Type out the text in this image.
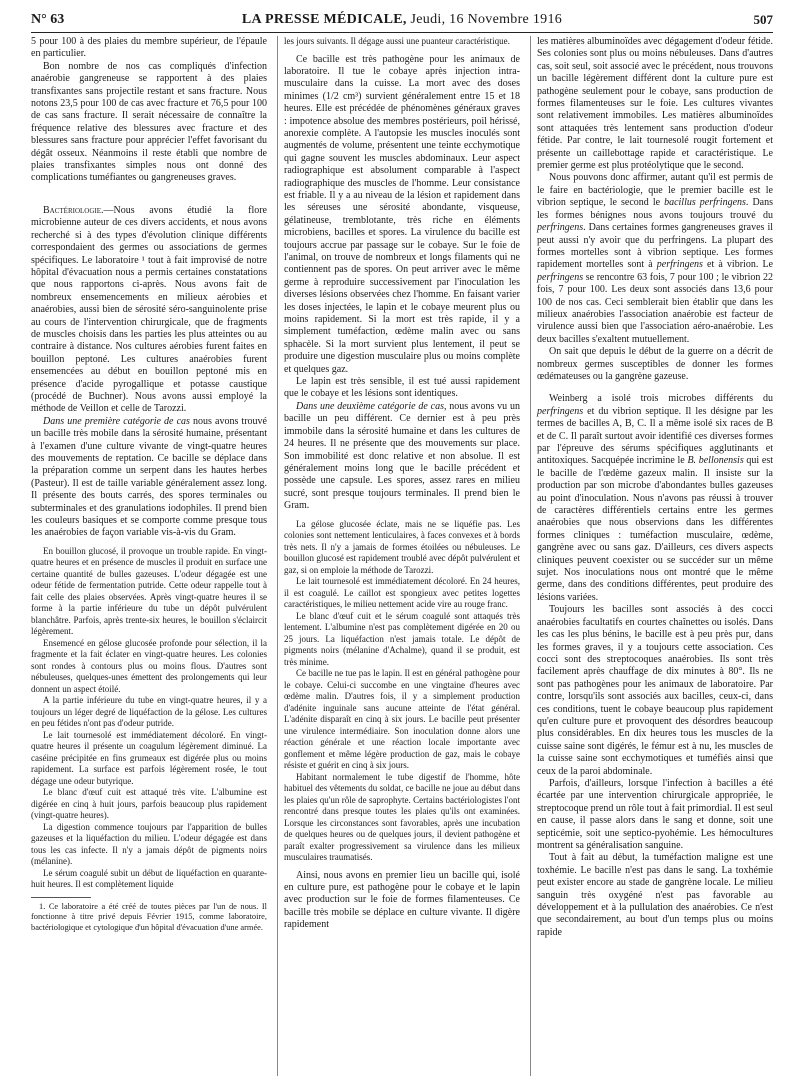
N° 63	LA PRESSE MÉDICALE, Jeudi, 16 Novembre 1916	507

5 pour 100 à des plaies du membre supérieur, de l'épaule en particulier.

Bon nombre de nos cas compliqués d'infection anaérobie gangreneuse se rapportent à des plaies transfixantes sans projectile restant et sans fracture. Nous notons 23,5 pour 100 de cas avec fracture et 76,5 pour 100 de cas sans fracture. Il serait nécessaire de connaître la fréquence relative des blessures avec fracture et des blessures sans fracture pour apprécier l'effet favorisant du dégât osseux. Néanmoins il reste établi que nombre de plaies transfixantes simples nous ont donné des complications tuméfiantes ou gangreneuses graves.

Bactériologie.—Nous avons étudié la flore microbienne auteur de ces divers accidents, et nous avons recherché si à des types d'évolution clinique différents correspondaient des germes ou associations de germes spécifiques. Le laboratoire ¹ tout à fait improvisé de notre hôpital d'évacuation nous a permis certaines constatations que nous rapportons ci-après. Nous avons fait de nombreux ensemencements en milieux aérobies et anaérobies, aussi bien de sérosité séro-sanguinolente prise au cours de l'intervention chirurgicale, que de fragments de muscles choisis dans les parties les plus atteintes ou au contraire à distance. Nos cultures aérobies furent faites en bouillon peptoné. Les cultures anaérobies furent ensemencées au début en bouillon peptoné mis en présence d'acide pyrogallique et potasse caustique (procédé de Buchner). Nous avons aussi employé la méthode de Veillon et celle de Tarozzi.

Dans une première catégorie de cas nous avons trouvé un bacille très mobile dans la sérosité humaine, présentant à l'examen d'une culture vivante de vingt-quatre heures des mouvements de reptation. Ce bacille se déplace dans la préparation comme un serpent dans les hautes herbes (Pasteur). Il est de taille variable généralement assez long. Il présente des bouts carrés, des spores terminales ou subterminales et des granulations iodophiles. Il prend bien les couleurs basiques et se comporte comme presque tous les anaérobies de façon variable vis-à-vis du Gram.

En bouillon glucosé, il provoque un trouble rapide. En vingt-quatre heures et en présence de muscles il produit en surface une certaine quantité de bulles gazeuses. L'odeur dégagée est une odeur fétide de fermentation putride. Cette odeur rappelle tout à fait celle des plaies observées. Après vingt-quatre heures il se forme à la partie inférieure du tube un dépôt pulvérulent blanchâtre. Parfois, après trente-six heures, le bouillon s'éclaircit légèrement.

Ensemencé en gélose glucosée profonde pour sélection, il la fragmente et la fait éclater en vingt-quatre heures. Les colonies sont rondes à contours plus ou moins flous. D'autres sont nébuleuses, quelques-unes émettent des prolongements qui leur donnent un aspect étoilé.

A la partie inférieure du tube en vingt-quatre heures, il y a toujours un léger degré de liquéfaction de la gélose. Les cultures en peu fétides n'ont pas d'odeur putride.

Le lait tournesolé est immédiatement décoloré. En vingt-quatre heures il présente un coagulum légèrement diminué. La caséine précipitée en fins grumeaux est digérée plus ou moins rapidement. La surface est parfois légèrement rosée, le tout dégage une odeur butyrique.

Le blanc d'œuf cuit est attaqué très vite. L'albumine est digérée en cinq à huit jours, parfois beaucoup plus rapidement (vingt-quatre heures).

La digestion commence toujours par l'apparition de bulles gazeuses et la liquéfaction du milieu. L'odeur dégagée est dans tous les cas infecte. Il n'y a jamais dépôt de pigments noirs (mélanine).

Le sérum coagulé subit un début de liquéfaction en quarante-huit heures. Il est complètement liquide

1. Ce laboratoire a été créé de toutes pièces par l'un de nous. Il fonctionne à titre privé depuis Février 1915, comme laboratoire, bactériologique et cytologique d'un hôpital d'évacuation d'une armée.

les jours suivants. Il dégage aussi une puanteur caractéristique.

Ce bacille est très pathogène pour les animaux de laboratoire. Il tue le cobaye après injection intra-musculaire dans la cuisse. La mort avec des doses minimes (1/2 cm³) survient généralement entre 15 et 18 heures. Elle est précédée de phénomènes généraux graves : impotence absolue des membres postérieurs, poil hérissé, anorexie complète. A l'autopsie les muscles inoculés sont augmentés de volume, présentent une teinte ecchymotique qui gagne souvent les muscles abdominaux. Leur aspect radiographique est absolument comparable à l'aspect radiographique des muscles de l'homme. Leur consistance est friable. Il y a au niveau de la lésion et rapidement dans les séreuses une sérosité abondante, visqueuse, gélatineuse, tremblotante, très riche en éléments microbiens, bacilles et spores. La virulence du bacille est toujours accrue par passage sur le cobaye. Sur le foie de l'animal, on trouve de nombreux et longs filaments qui ne contiennent pas de spores. On peut arriver avec le même germe à reproduire successivement par l'inoculation les diverses lésions observées chez l'homme. En faisant varier les doses injectées, le lapin et le cobaye meurent plus ou moins rapidement. Si la mort est très rapide, il y a simplement tuméfaction, œdème malin avec ou sans sphacèle. Si la mort survient plus lentement, il peut se produire une digestion musculaire plus ou moins complète et quelques gaz.

Le lapin est très sensible, il est tué aussi rapidement que le cobaye et les lésions sont identiques.

Dans une deuxième catégorie de cas, nous avons vu un bacille un peu différent. Ce dernier est à peu près immobile dans la sérosité humaine et dans les cultures de 24 heures. Il ne présente que des mouvements sur place. Son immobilité est donc relative et non absolue. Il est généralement moins long que le bacille précédent et possède une capsule. Les spores, assez rares en milieu sucré, sont presque toujours terminales. Il prend bien le Gram.

La gélose glucosée éclate, mais ne se liquéfie pas. Les colonies sont nettement lenticulaires, à faces convexes et à bords très nets. Il n'y a jamais de formes étoilées ou nébuleuses. Le bouillon glucosé est rapidement troublé avec dépôt pulvérulent et gaz, si on emploie la méthode de Tarozzi.

Le lait tournesolé est immédiatement décoloré. En 24 heures, il est coagulé. Le caillot est spongieux avec petites logettes caractéristiques, le milieu nettement acide vire au rouge franc.

Le blanc d'œuf cuit et le sérum coagulé sont attaqués très lentement. L'albumine n'est pas complètement digérée en 20 ou 25 jours. La liquéfaction n'est jamais totale. Le dépôt de pigments noirs (mélanine d'Achalme), quand il se produit, est très minime.

Ce bacille ne tue pas le lapin. Il est en général pathogène pour le cobaye. Celui-ci succombe en une vingtaine d'heures avec œdème malin. D'autres fois, il y a simplement production d'adénite inguinale sans aucune atteinte de l'état général. L'adénite disparaît en cinq à six jours. Le bacille peut présenter une virulence intermédiaire. Son inoculation donne alors une réaction générale et une réaction locale importante avec gonflement et même légère production de gaz, mais le cobaye résiste et guérit en cinq à six jours.

Habitant normalement le tube digestif de l'homme, hôte habituel des vêtements du soldat, ce bacille ne joue au début dans les plaies qu'un rôle de saprophyte. Certains bactériologistes l'ont rencontré dans presque toutes les plaies qu'ils ont examinées. Lorsque les circonstances sont favorables, après une incubation de quelques heures ou de quelques jours, il devient pathogène et paraît exalter progressivement sa virulence dans les milieux musculaires traumatisés.

Ainsi, nous avons en premier lieu un bacille qui, isolé en culture pure, est pathogène pour le cobaye et le lapin avec production sur le foie de formes filamenteuses. Ce bacille très mobile se déplace en culture vivante. Il digère rapidement

les matières albuminoïdes avec dégagement d'odeur fétide. Ses colonies sont plus ou moins nébuleuses. Dans d'autres cas, soit seul, soit associé avec le précédent, nous trouvons un bacille légèrement différent dont la culture pure est pathogène seulement pour le cobaye, sans production de formes filamenteuses sur le foie. Les cultures vivantes sont relativement immobiles. Les matières albuminoïdes sont attaquées très lentement sans production d'odeur fétide. Par contre, le lait tournesolé rougit fortement et présente un caillebottage rapide et caractéristique. Le premier germe est plus protéolytique que le second.

Nous pouvons donc affirmer, autant qu'il est permis de le faire en bactériologie, que le premier bacille est le vibrion septique, le second le bacillus perfringens. Dans les formes bénignes nous avons toujours trouvé du perfringens. Dans certaines formes gangreneuses graves il peut aussi n'y avoir que du perfringens. La plupart des formes mortelles sont à vibrion septique. Les formes rapidement mortelles sont à perfringens et à vibrion. Le perfringens se rencontre 63 fois, 7 pour 100 ; le vibrion 22 fois, 7 pour 100. Les deux sont associés dans 13,6 pour 100 de nos cas. Ceci semblerait bien établir que dans les milieux anaérobies l'association anaérobie est facteur de virulence aussi bien que l'association aéro-anaérobie. Les deux bacilles s'exaltent mutuellement.

On sait que depuis le début de la guerre on a décrit de nombreux germes susceptibles de donner les formes œdémateuses ou la gangrène gazeuse.

Weinberg a isolé trois microbes différents du perfringens et du vibrion septique. Il les désigne par les termes de bacilles A, B, C. Il a même isolé six races de B et de C. Il paraît surtout avoir identifié ces diverses formes par l'épreuve des sérums spécifiques agglutinants et antitoxiques. Sacquépée incrimine le B. bellonensis qui est le bacille de l'œdème gazeux malin. Il insiste sur la production par son microbe d'abondantes bulles gazeuses au point d'inoculation. Nous n'avons pas réussi à trouver de caractères différentiels certains entre les germes anaérobies que nous observions dans les différentes formes cliniques : tuméfaction musculaire, œdème, gangrène avec ou sans gaz. D'ailleurs, ces divers aspects cliniques peuvent coexister ou se succéder sur un même sujet. Nos inoculations nous ont montré que le même germe, dans des conditions différentes, peut produire des lésions variées.

Toujours les bacilles sont associés à des cocci anaérobies facultatifs en courtes chaînettes ou isolés. Dans les cas les plus bénins, le bacille est à peu près pur, dans les formes graves, il y a toujours cette association. Ces cocci sont des streptocoques anaérobies. Ils sont très facilement après chauffage de dix minutes à 80°. Ils ne sont pas pathogènes pour les animaux de laboratoire. Par contre, lorsqu'ils sont associés aux bacilles, ceux-ci, dans ces conditions, tuent le cobaye beaucoup plus rapidement qu'en culture pure et provoquent des désordres beaucoup plus considérables. En dix heures tous les muscles de la cuisse saine sont digérés, le fémur est à nu, les muscles de la cuisse saine sont ecchymotiques et tuméfiés ainsi que ceux de la paroi abdominale.

Parfois, d'ailleurs, lorsque l'infection à bacilles a été écartée par une intervention chirurgicale appropriée, le streptocoque prend un rôle tout à fait primordial. Il est seul en cause, il passe alors dans le sang et donne, soit une septicémie, soit une septico-pyohémie. Les hémocultures montrent sa généralisation sanguine.

Tout à fait au début, la tuméfaction maligne est une toxhémie. Le bacille n'est pas dans le sang. La toxhémie peut exister encore au stade de gangrène locale. Le milieu sanguin très oxygéné n'est pas favorable au développement et à la pullulation des anaérobies. Ce n'est que secondairement, au bout d'un temps plus ou moins rapide
